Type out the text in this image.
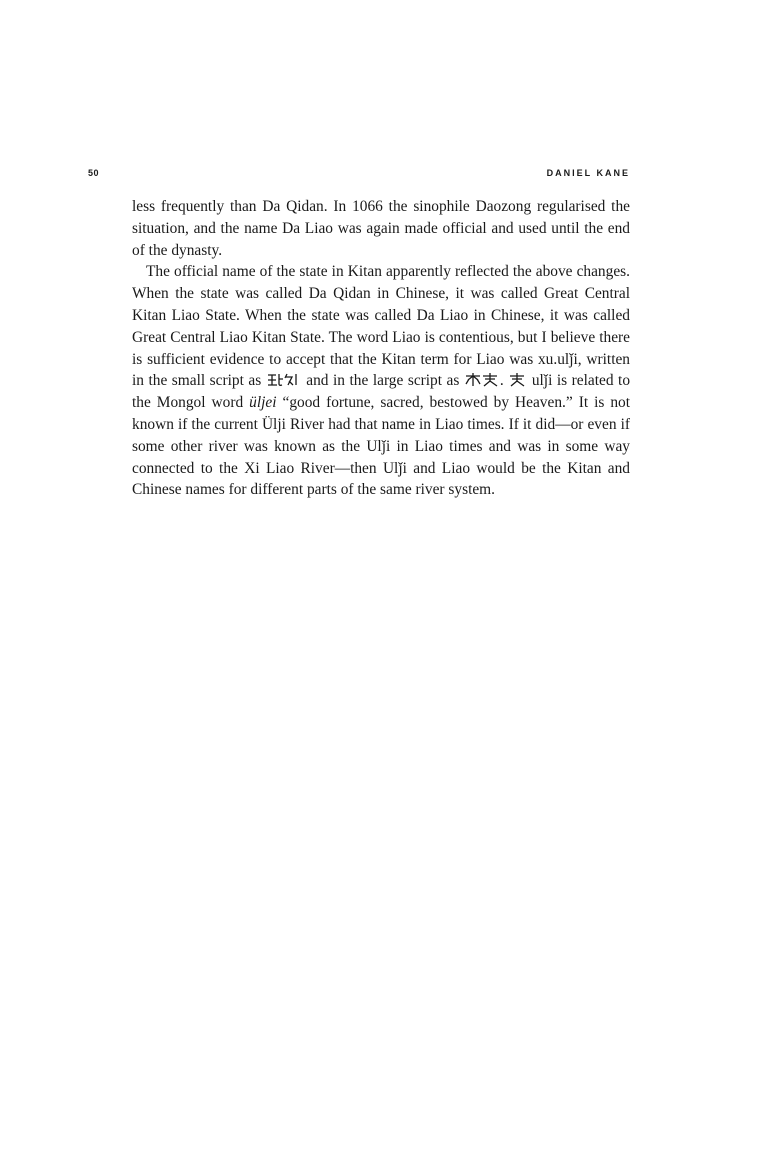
50	DANIEL KANE

less frequently than Da Qidan. In 1066 the sinophile Daozong regularised the situation, and the name Da Liao was again made official and used until the end of the dynasty.

The official name of the state in Kitan apparently reflected the above changes. When the state was called Da Qidan in Chinese, it was called Great Central Kitan Liao State. When the state was called Da Liao in Chinese, it was called Great Central Liao Kitan State. The word Liao is contentious, but I believe there is sufficient evidence to accept that the Kitan term for Liao was xu.ulǰi, written in the small script as	and in the large script as	. ulǰi is related to the Mongol word üljei “good fortune, sacred, bestowed by Heaven.” It is not known if the current Ülji River had that name in Liao times. If it did—or even if some other river was known as the Ulǰi in Liao times and was in some way connected to the Xi Liao River—then Ulǰi and Liao would be the Kitan and Chinese names for different parts of the same river system.
